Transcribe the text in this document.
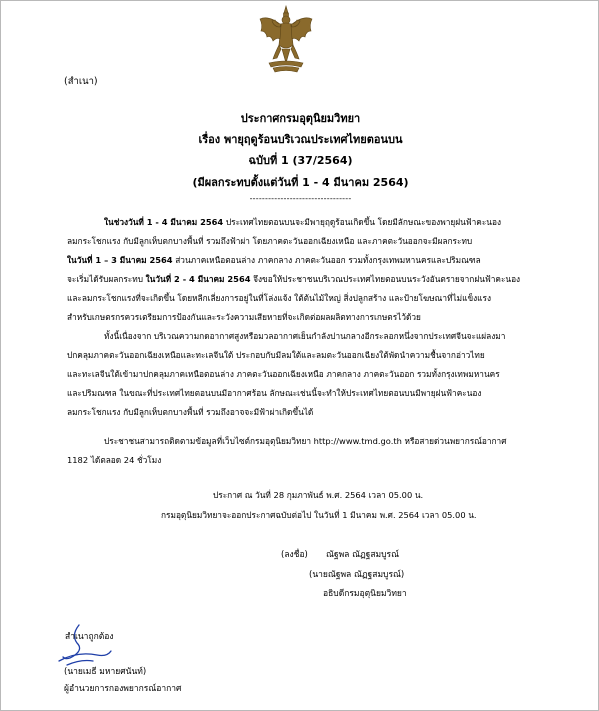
(สำเนา)
ประกาศกรมอุตุนิยมวิทยา
เรื่อง พายุฤดูร้อนบริเวณประเทศไทยตอนบน
ฉบับที่ 1 (37/2564)
(มีผลกระทบตั้งแต่วันที่ 1 - 4 มีนาคม 2564)
---------------------------------
ในช่วงวันที่ 1 - 4 มีนาคม 2564 ประเทศไทยตอนบนจะมีพายุฤดูร้อนเกิดขึ้น โดยมีลักษณะของพายุฝนฟ้าคะนอง
ลมกระโชกแรง กับมีลูกเห็บตกบางพื้นที่ รวมถึงฟ้าผ่า โดยภาคตะวันออกเฉียงเหนือ และภาคตะวันออกจะมีผลกระทบ
ในวันที่ 1 – 3 มีนาคม 2564 ส่วนภาคเหนือตอนล่าง ภาคกลาง ภาคตะวันออก รวมทั้งกรุงเทพมหานครและปริมณฑล
จะเริ่มได้รับผลกระทบ ในวันที่ 2 - 4 มีนาคม 2564 จึงขอให้ประชาชนบริเวณประเทศไทยตอนบนระวังอันตรายจากฝนฟ้าคะนอง
และลมกระโชกแรงที่จะเกิดขึ้น โดยหลีกเลี่ยงการอยู่ในที่โล่งแจ้ง ใต้ต้นไม้ใหญ่ สิ่งปลูกสร้าง และป้ายโฆษณาที่ไม่แข็งแรง
สำหรับเกษตรกรควรเตรียมการป้องกันและระวังความเสียหายที่จะเกิดต่อผลผลิตทางการเกษตรไว้ด้วย
ทั้งนี้เนื่องจาก บริเวณความกดอากาศสูงหรือมวลอากาศเย็นกำลังปานกลางอีกระลอกหนึ่งจากประเทศจีนจะแผ่ลงมา
ปกคลุมภาคตะวันออกเฉียงเหนือและทะเลจีนใต้ ประกอบกับมีลมใต้และลมตะวันออกเฉียงใต้พัดนำความชื้นจากอ่าวไทย
และทะเลจีนใต้เข้ามาปกคลุมภาคเหนือตอนล่าง ภาคตะวันออกเฉียงเหนือ ภาคกลาง ภาคตะวันออก รวมทั้งกรุงเทพมหานคร
และปริมณฑล ในขณะที่ประเทศไทยตอนบนมีอากาศร้อน ลักษณะเช่นนี้จะทำให้ประเทศไทยตอนบนมีพายุฝนฟ้าคะนอง
ลมกระโชกแรง กับมีลูกเห็บตกบางพื้นที่ รวมถึงอาจจะมีฟ้าผ่าเกิดขึ้นได้
ประชาชนสามารถติดตามข้อมูลที่เว็บไซต์กรมอุตุนิยมวิทยา http://www.tmd.go.th หรือสายด่วนพยากรณ์อากาศ
1182 ได้ตลอด 24 ชั่วโมง
ประกาศ ณ วันที่ 28 กุมภาพันธ์ พ.ศ. 2564 เวลา 05.00 น.
กรมอุตุนิยมวิทยาจะออกประกาศฉบับต่อไป ในวันที่ 1 มีนาคม พ.ศ. 2564 เวลา 05.00 น.
(ลงชื่อ) ณัฐพล ณัฏฐสมบูรณ์
(นายณัฐพล ณัฏฐสมบูรณ์)
อธิบดีกรมอุตุนิยมวิทยา
สำเนาถูกต้อง
(นายเมธี มหายศนันท์)
ผู้อำนวยการกองพยากรณ์อากาศ
